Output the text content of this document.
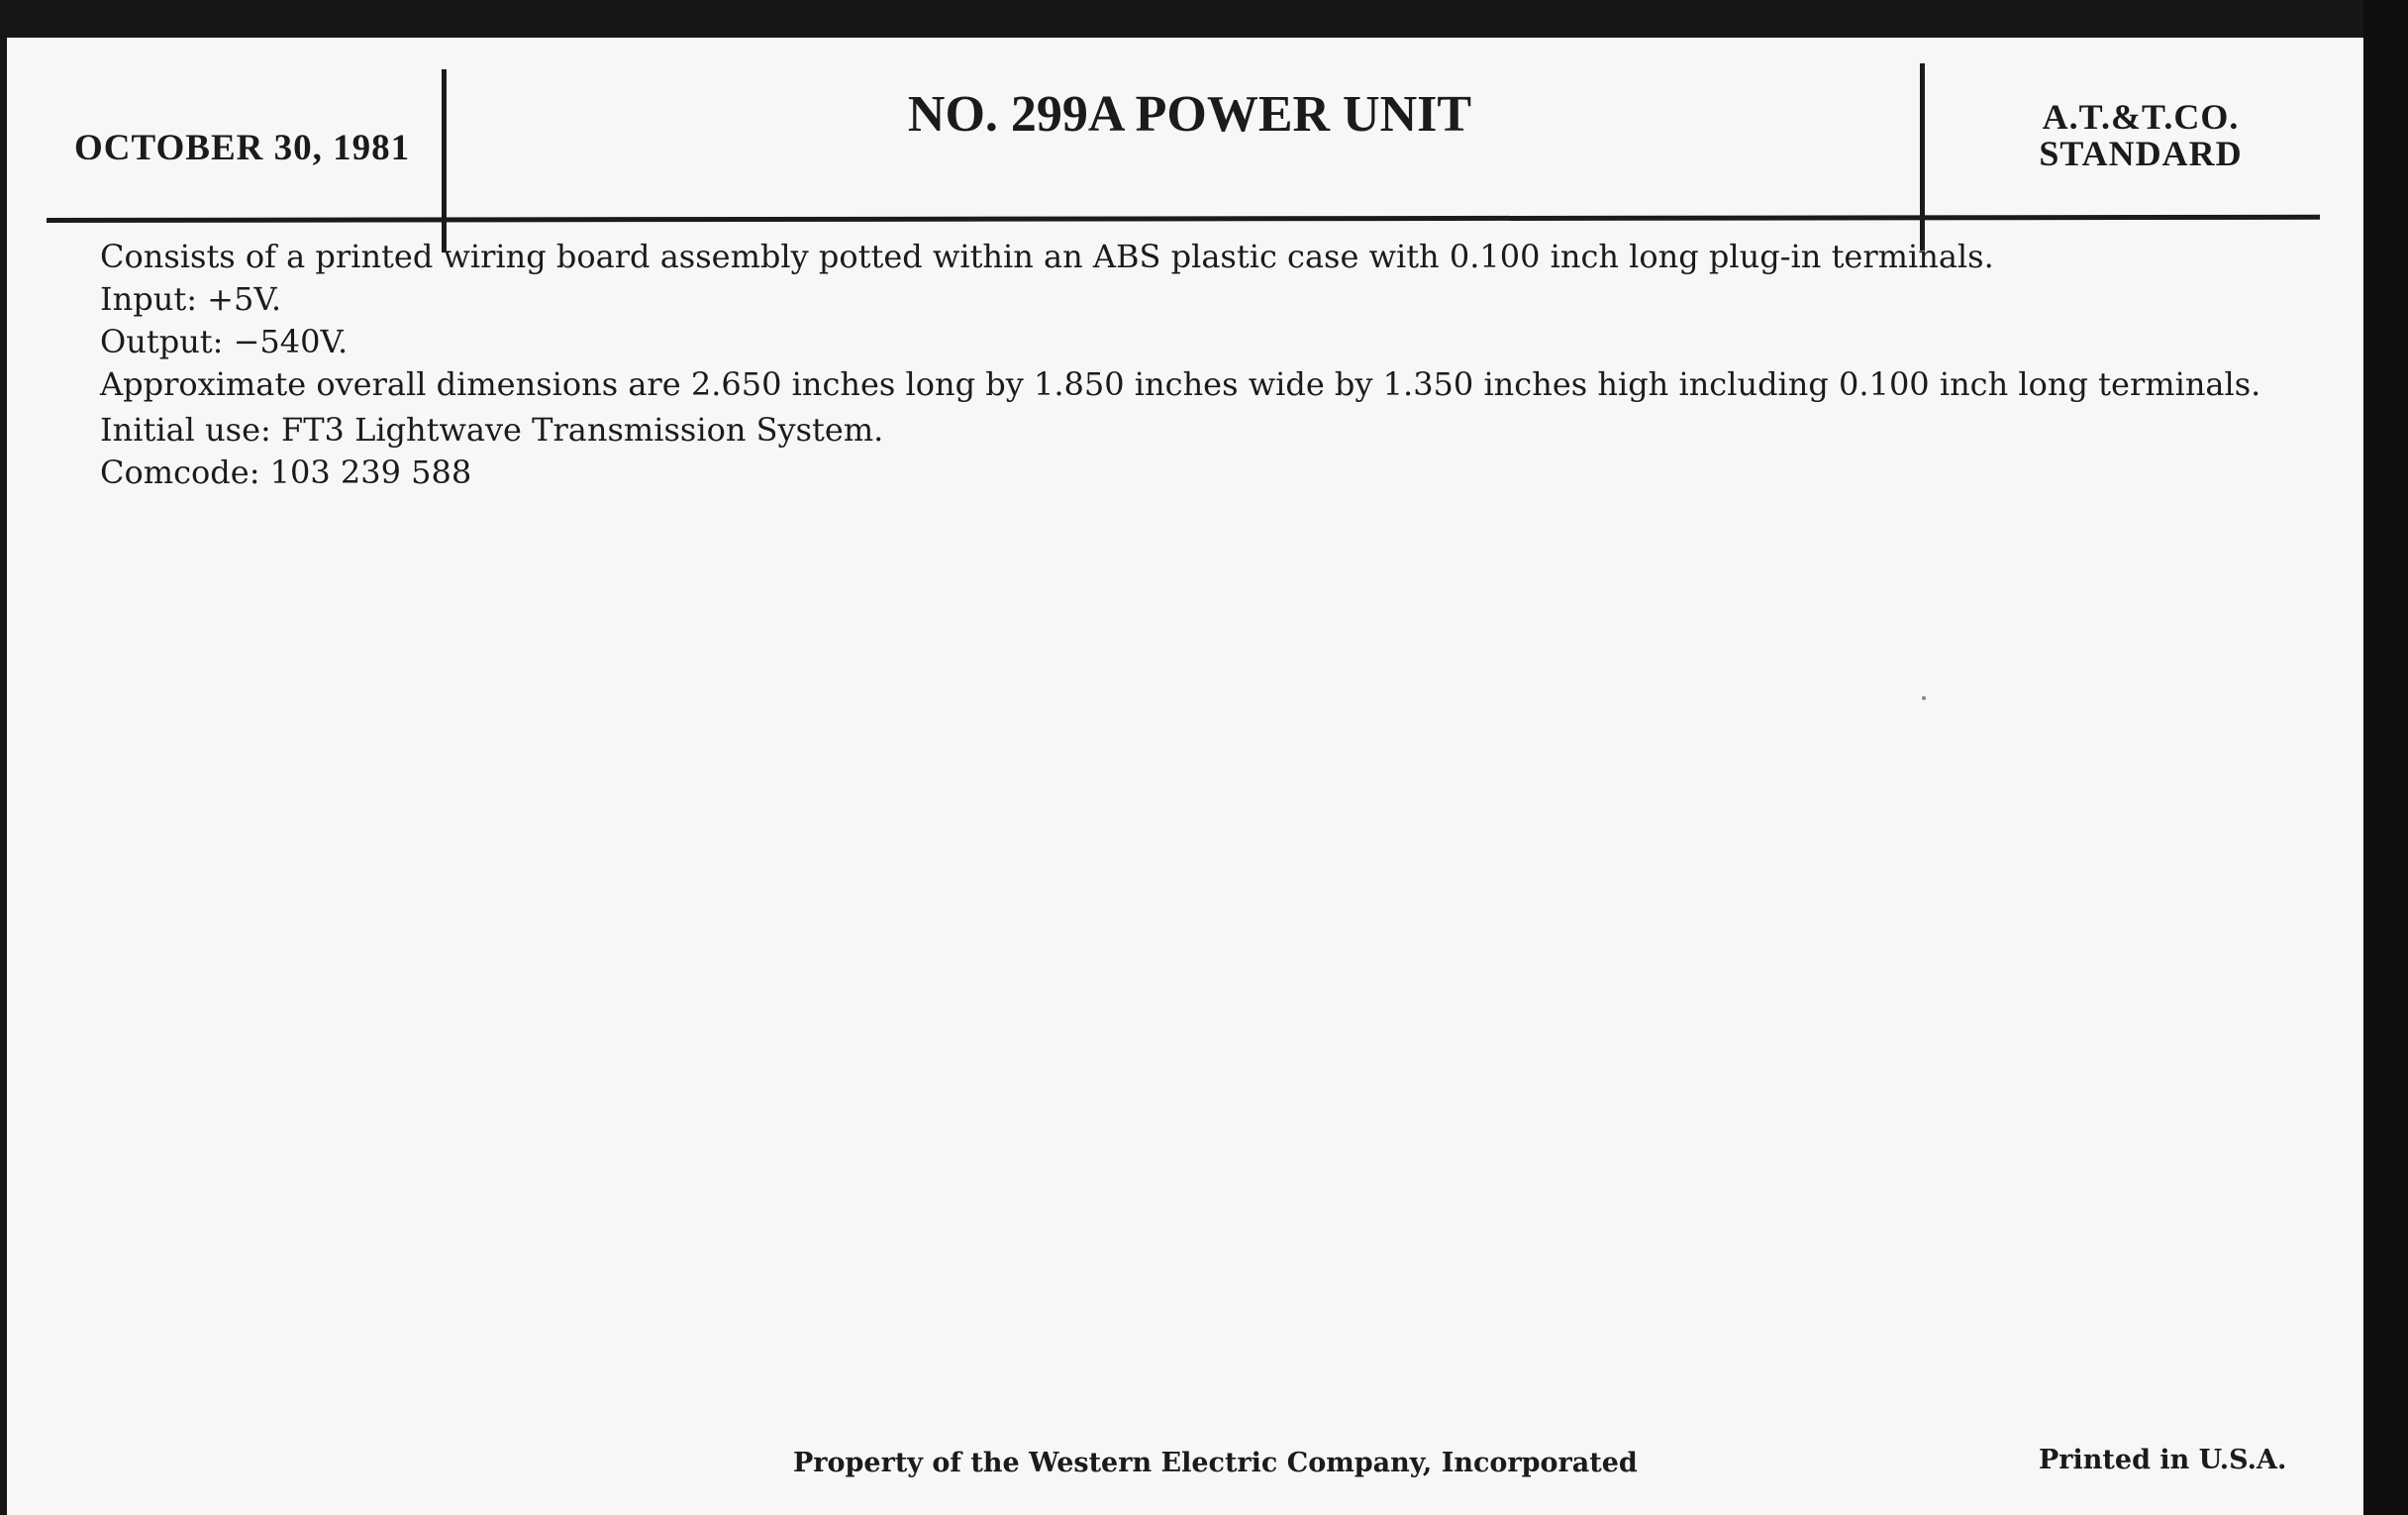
OCTOBER 30, 1981
NO. 299A POWER UNIT	A.T.&T.CO.
STANDARD

Consists of a printed wiring board assembly potted within an ABS plastic case with 0.100 inch long plug-in terminals.

Input: +5V.

Output: −540V.

Approximate overall dimensions are 2.650 inches long by 1.850 inches wide by 1.350 inches high including 0.100 inch long terminals.

Initial use: FT3 Lightwave Transmission System.

Comcode: 103 239 588

Property of the Western Electric Company, Incorporated	Printed in U.S.A.
